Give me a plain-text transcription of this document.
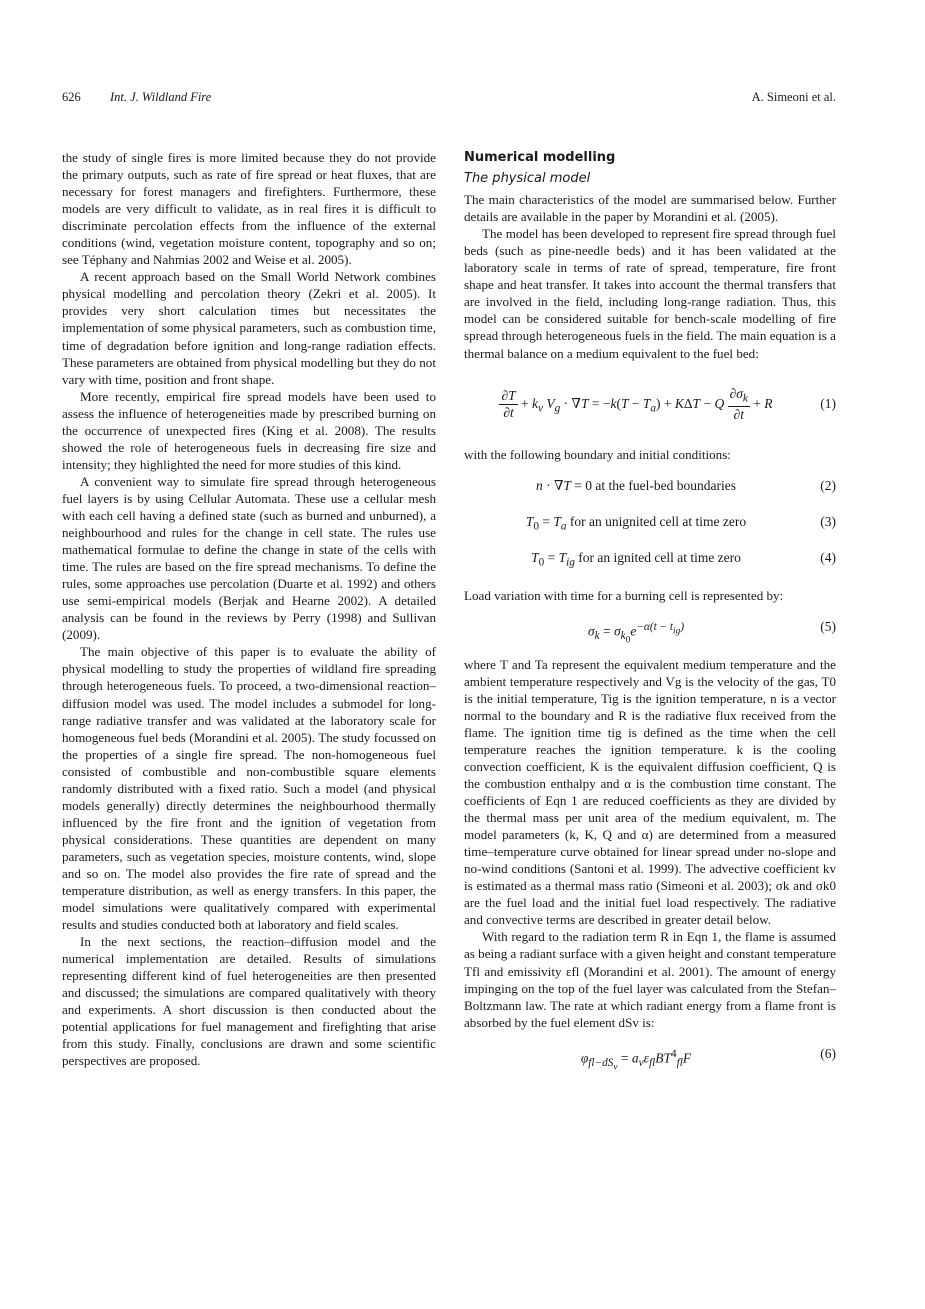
626 Int. J. Wildland Fire	A. Simeoni et al.

the study of single fires is more limited because they do not provide the primary outputs, such as rate of fire spread or heat fluxes, that are necessary for forest managers and firefighters. Furthermore, these models are very difficult to validate, as in real fires it is difficult to discriminate percolation effects from the influence of the external conditions (wind, vegetation moisture content, topography and so on; see Téphany and Nahmias 2002 and Weise et al. 2005).

A recent approach based on the Small World Network combines physical modelling and percolation theory (Zekri et al. 2005). It provides very short calculation times but necessitates the implementation of some physical parameters, such as combustion time, time of degradation before ignition and long-range radiation effects. These parameters are obtained from physical modelling but they do not vary with time, position and front shape.

More recently, empirical fire spread models have been used to assess the influence of heterogeneities made by prescribed burning on the occurrence of unexpected fires (King et al. 2008). The results showed the role of heterogeneous fuels in decreasing fire size and intensity; they highlighted the need for more studies of this kind.

A convenient way to simulate fire spread through heterogeneous fuel layers is by using Cellular Automata. These use a cellular mesh with each cell having a defined state (such as burned and unburned), a neighbourhood and rules for the change in cell state. The rules use mathematical formulae to define the change in state of the cells with time. The rules are based on the fire spread mechanisms. To define the rules, some approaches use percolation (Duarte et al. 1992) and others use semi-empirical models (Berjak and Hearne 2002). A detailed analysis can be found in the reviews by Perry (1998) and Sullivan (2009).

The main objective of this paper is to evaluate the ability of physical modelling to study the properties of wildland fire spreading through heterogeneous fuels. To proceed, a two-dimensional reaction–diffusion model was used. The model includes a submodel for long-range radiative transfer and was validated at the laboratory scale for homogeneous fuel beds (Morandini et al. 2005). The study focussed on the properties of a single fire spread. The non-homogeneous fuel consisted of combustible and non-combustible square elements randomly distributed with a fixed ratio. Such a model (and physical models generally) directly determines the neighbourhood thermally influenced by the fire front and the ignition of vegetation from physical considerations. These quantities are dependent on many parameters, such as vegetation species, moisture contents, wind, slope and so on. The model also provides the fire rate of spread and the temperature distribution, as well as energy transfers. In this paper, the model simulations were qualitatively compared with experimental results and studies conducted both at laboratory and field scales.

In the next sections, the reaction–diffusion model and the numerical implementation are detailed. Results of simulations representing different kind of fuel heterogeneities are then presented and discussed; the simulations are compared qualitatively with theory and experiments. A short discussion is then conducted about the potential applications for fuel management and firefighting that arise from this study. Finally, conclusions are drawn and some scientific perspectives are proposed.

Numerical modelling
The physical model

The main characteristics of the model are summarised below. Further details are available in the paper by Morandini et al. (2005).

The model has been developed to represent fire spread through fuel beds (such as pine-needle beds) and it has been validated at the laboratory scale in terms of rate of spread, temperature, fire front shape and heat transfer. It takes into account the thermal transfers that are involved in the field, including long-range radiation. Thus, this model can be considered suitable for bench-scale modelling of fire spread through heterogeneous fuels in the field. The main equation is a thermal balance on a medium equivalent to the fuel bed:

$\frac{\partial T}{\partial t} + k_v$ $V_g \cdot \nabla T = -k(T - T_a) + K\Delta T - Q \frac{\partial\sigma_k}{\partial t} + R$	(1)

with the following boundary and initial conditions:

n · ∇T = 0 at the fuel-bed boundaries	(2)
$T_0 = T_a$ for an unignited cell at time zero	(3)
$T_0 = T_{ig}$ for an ignited cell at time zero	(4)

Load variation with time for a burning cell is represented by:

$\sigma_k = \sigma_{k_0}e^{-\alpha(t - t_{ig})}$	(5)

where T and Ta represent the equivalent medium temperature and the ambient temperature respectively and Vg is the velocity of the gas, T0 is the initial temperature, Tig is the ignition temperature, n is a vector normal to the boundary and R is the radiative flux received from the flame. The ignition time tig is defined as the time when the cell temperature reaches the ignition temperature. k is the cooling convection coefficient, K is the equivalent diffusion coefficient, Q is the combustion enthalpy and α is the combustion time constant. The coefficients of Eqn 1 are reduced coefficients as they are divided by the thermal mass per unit area of the medium equivalent, m. The model parameters (k, K, Q and α) are determined from a measured time–temperature curve obtained for linear spread under no-slope and no-wind conditions (Santoni et al. 1999). The advective coefficient kv is estimated as a thermal mass ratio (Simeoni et al. 2003); σk and σk0 are the fuel load and the initial fuel load respectively. The radiative and convective terms are described in greater detail below.

With regard to the radiation term R in Eqn 1, the flame is assumed as being a radiant surface with a given height and constant temperature Tfl and emissivity εfl (Morandini et al. 2001). The amount of energy impinging on the top of the fuel layer was calculated from the Stefan–Boltzmann law. The rate at which radiant energy from a flame front is absorbed by the fuel element dSv is:

$\varphi_{fl-dS_v} = a_v\varepsilon_{fl}BT^4_{fl}F$	(6)
